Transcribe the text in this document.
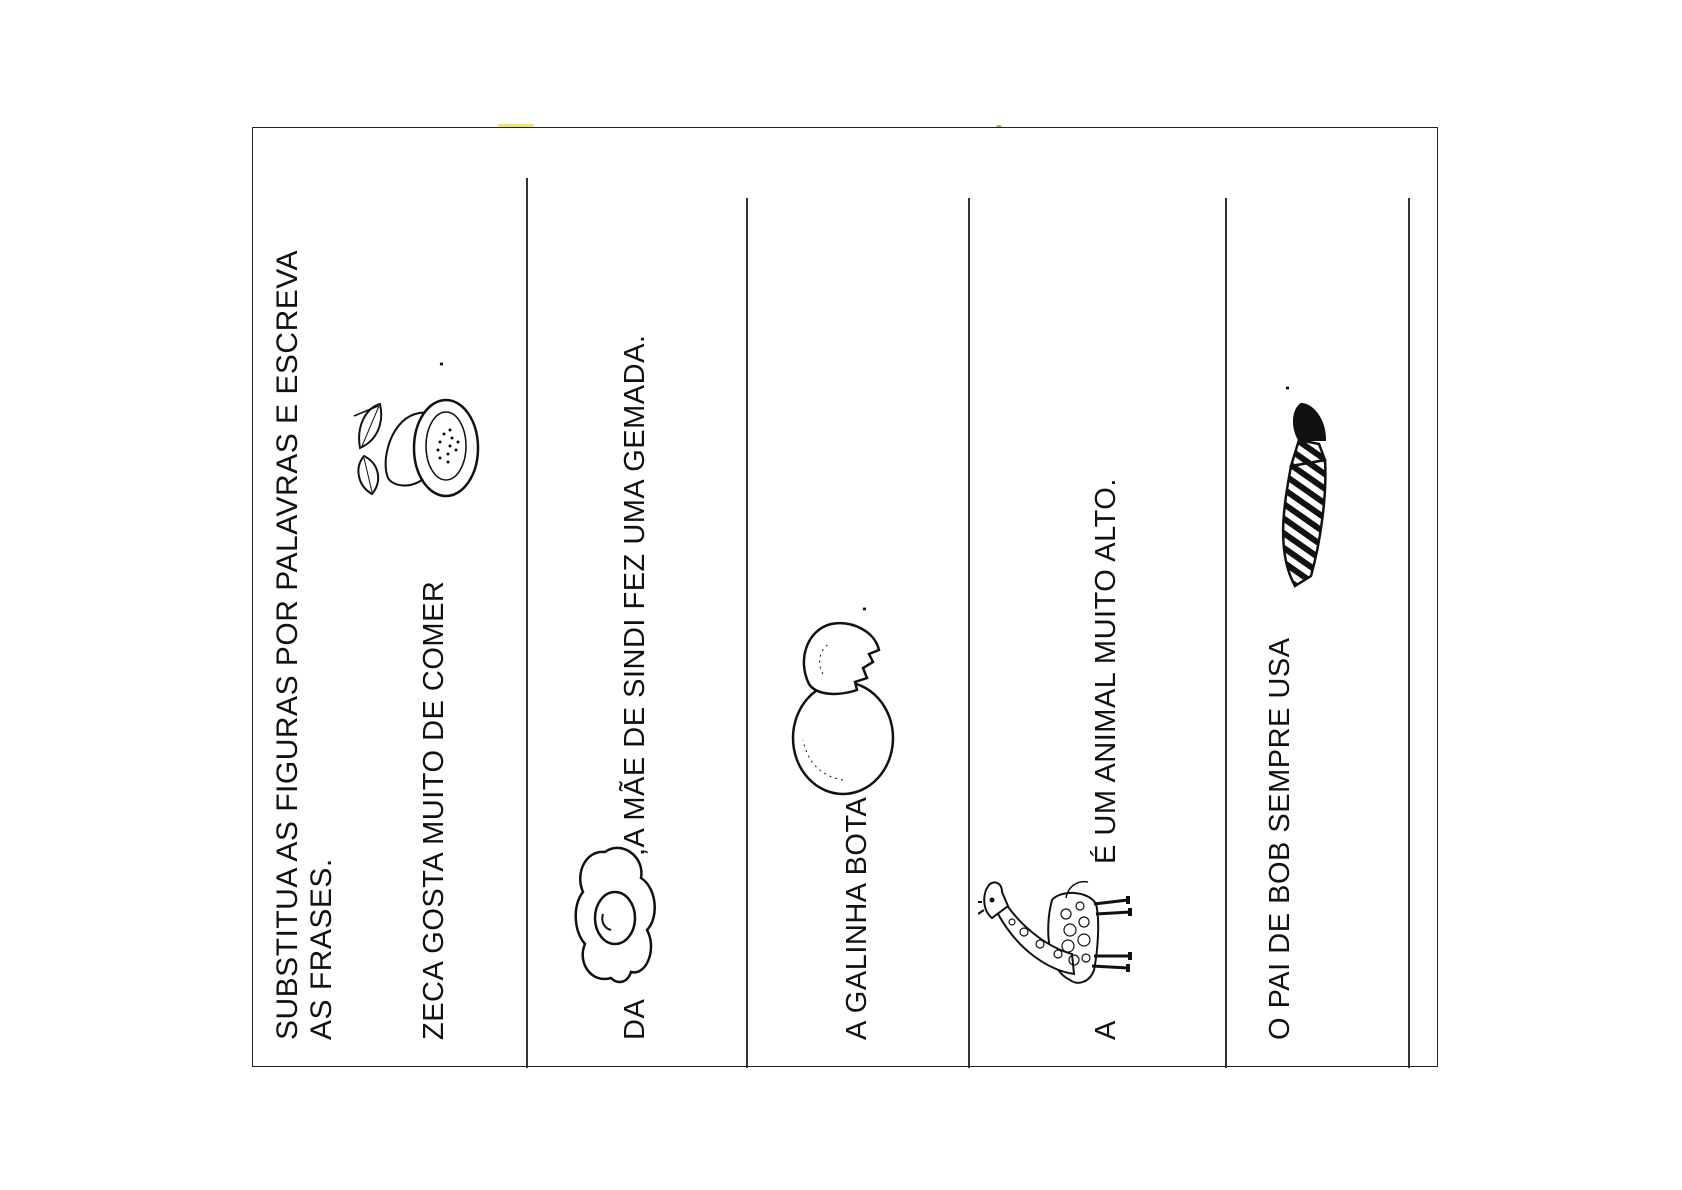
SUBSTITUA AS FIGURAS POR PALAVRAS E ESCREVA AS FRASES.	ZECA GOSTA MUITO DE COMER
.
DA
,A MÃE DE SINDI FEZ UMA GEMADA.
A GALINHA BOTA
.
A
É UM ANIMAL MUITO ALTO.	O PAI DE BOB SEMPRE USA
.
